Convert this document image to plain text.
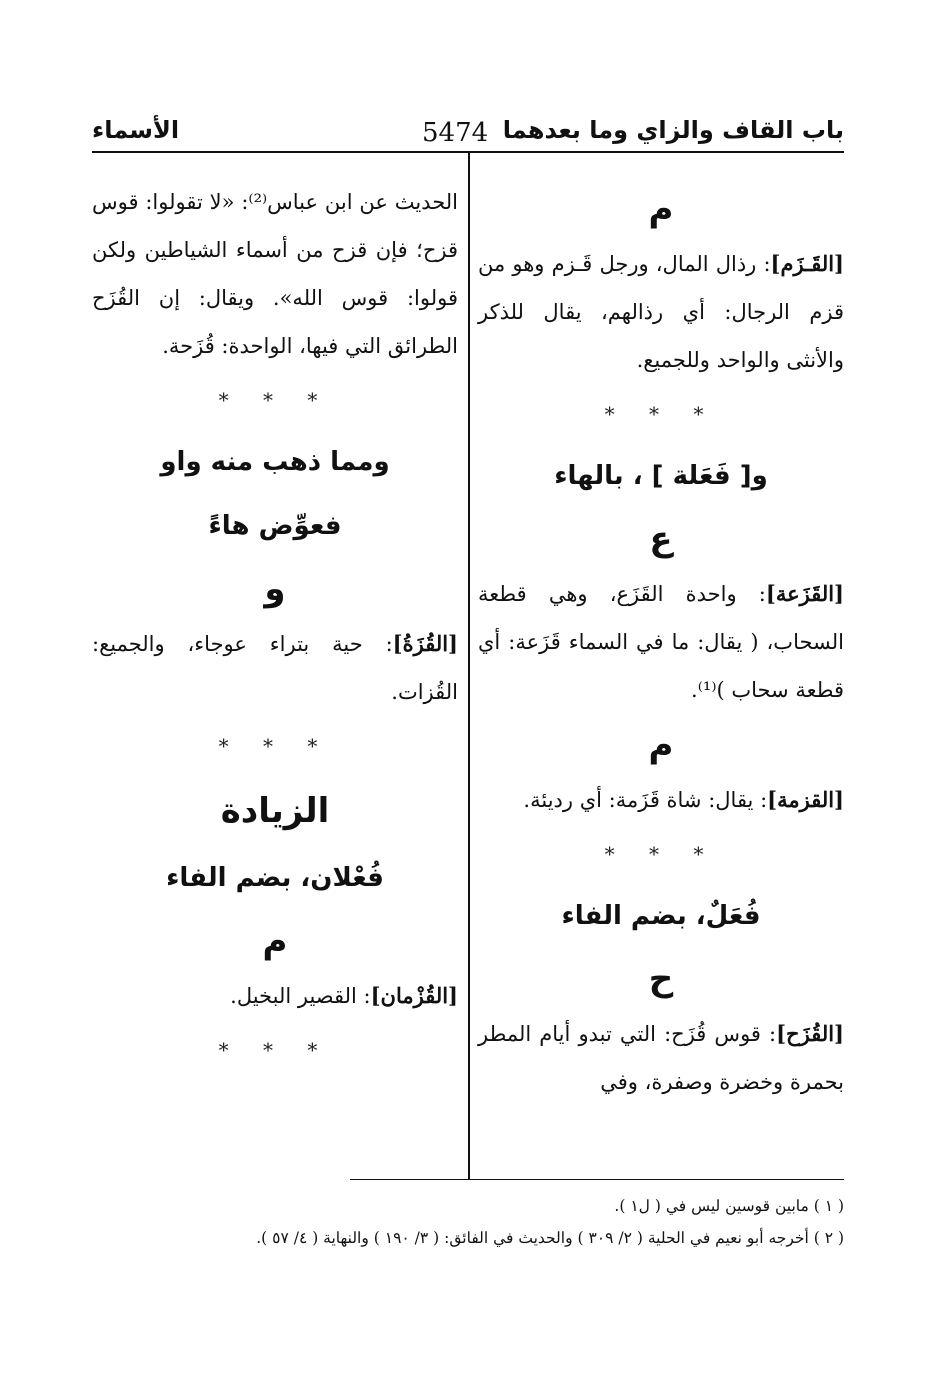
باب القاف والزاي وما بعدهما
5474
الأسماء

م

[القَـزَم]: رذال المال، ورجل قَـزم وهو من قزم الرجال: أي رذالهم، يقال للذكر والأنثى والواحد وللجميع.

* * *

و[ فَعَلة ] ، بالهاء

ع

[القَزَعة]: واحدة القَزَع، وهي قطعة السحاب، ( يقال: ما في السماء قَزَعة: أي قطعة سحاب )⁽¹⁾.

م

[القزمة]: يقال: شاة قَزَمة: أي رديئة.

* * *

فُعَلٌ، بضم الفاء

ح

[القُزَح]: قوس قُزَح: التي تبدو أيام المطر بحمرة وخضرة وصفرة، وفي

الحديث عن ابن عباس⁽²⁾: «لا تقولوا: قوس قزح؛ فإن قزح من أسماء الشياطين ولكن قولوا: قوس الله». ويقال: إن القُزَح الطرائق التي فيها، الواحدة: قُزَحة.

* * *

ومما ذهب منه واو

فعوِّض هاءً

و

[القُزَةُ]: حية بتراء عوجاء، والجميع: القُزات.

* * *

الزيادة

فُعْلان، بضم الفاء

م

[القُزْمان]: القصير البخيل.

* * *

( ١ ) مابين قوسين ليس في ( ل١ ).

( ٢ ) أخرجه أبو نعيم في الحلية ( ٢/ ٣٠٩ ) والحديث في الفائق: ( ٣/ ١٩٠ ) والنهاية ( ٤/ ٥٧ ).
